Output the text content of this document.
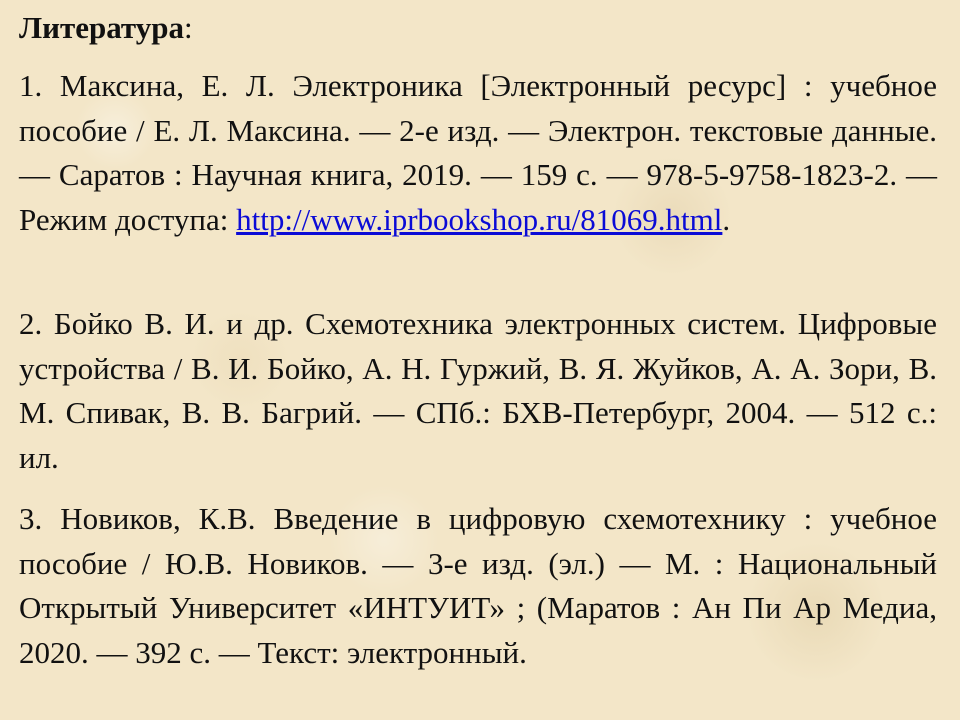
Литература:

1. Максина, Е. Л. Электроника [Электронный ресурс] : учебное пособие / Е. Л. Максина. — 2-е изд. — Электрон. текстовые данные. — Саратов : Научная книга, 2019. — 159 с. — 978-5-9758-1823-2. — Режим доступа: http://www.iprbookshop.ru/81069.html.

2. Бойко В. И. и др. Схемотехника электронных систем. Цифровые устройства / В. И. Бойко, А. Н. Гуржий, В. Я. Жуйков, А. А. Зори, В. М. Спивак, В. В. Багрий. — СПб.: БХВ-Петербург, 2004. — 512 с.: ил.

3. Новиков, К.В. Введение в цифровую схемотехнику : учебное пособие / Ю.В. Новиков. — 3-е изд. (эл.) — М. : Национальный Открытый Университет «ИНТУИТ» ; (Маратов : Ан Пи Ар Медиа, 2020. — 392 с. — Текст: электронный.
